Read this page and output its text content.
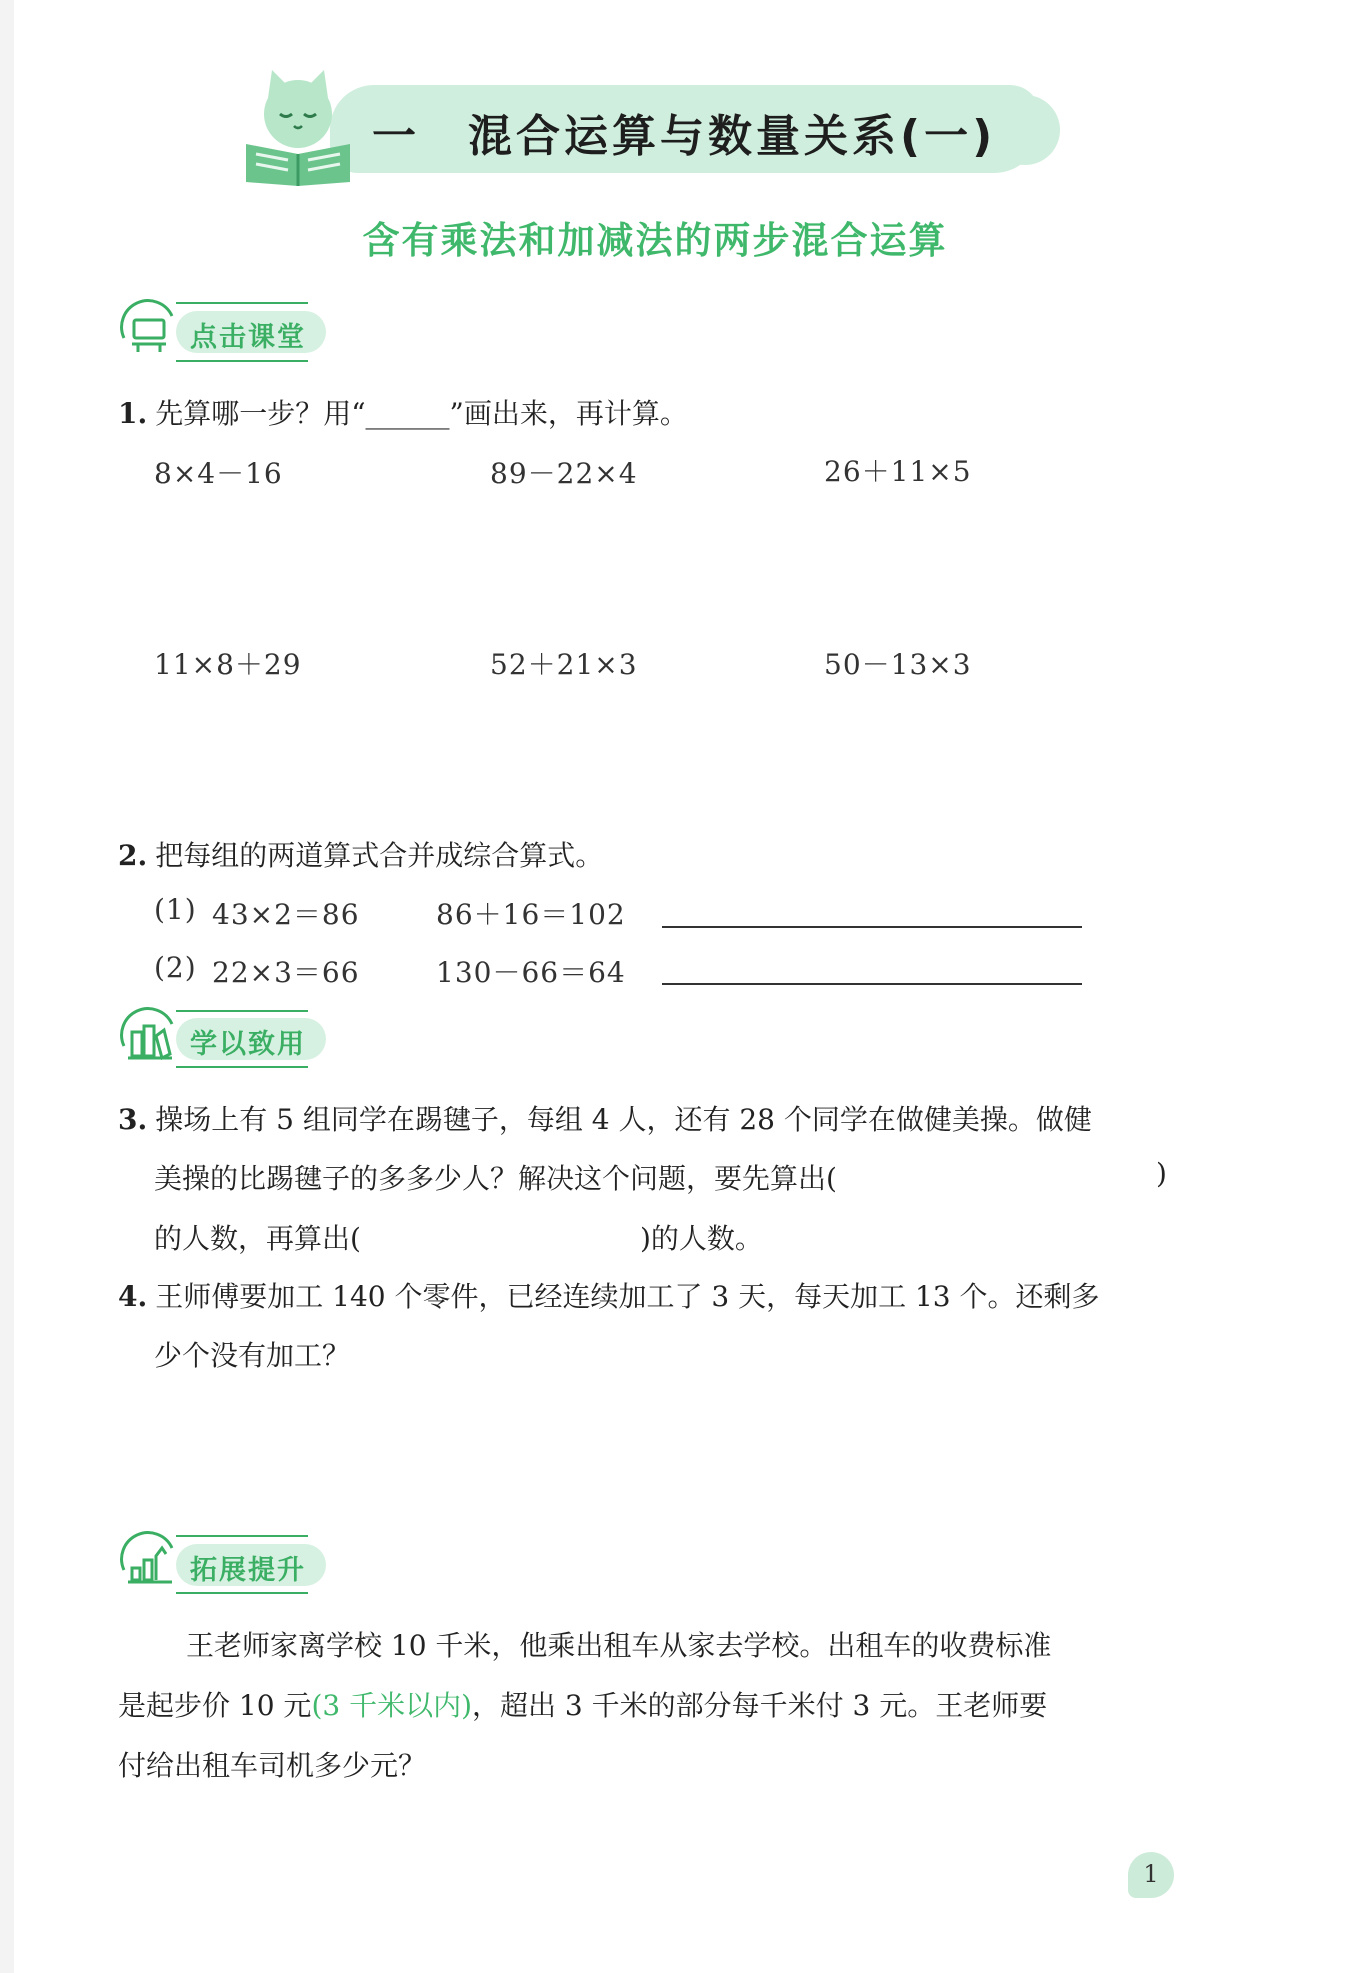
一　混合运算与数量关系(一)
含有乘法和加减法的两步混合运算
点击课堂
1. 先算哪一步？用“______”画出来，再计算。
8×4－16	89－22×4	26＋11×5
11×8＋29	52＋21×3	50－13×3
2. 把每组的两道算式合并成综合算式。
(1) 43×2＝86	86＋16＝102
(2) 22×3＝66	130－66＝64
学以致用
3. 操场上有 5 组同学在踢毽子，每组 4 人，还有 28 个同学在做健美操。做健
美操的比踢毽子的多多少人？解决这个问题，要先算出(	)
的人数，再算出(	)的人数。
4. 王师傅要加工 140 个零件，已经连续加工了 3 天，每天加工 13 个。还剩多
少个没有加工？
拓展提升
王老师家离学校 10 千米，他乘出租车从家去学校。出租车的收费标准
是起步价 10 元(3 千米以内)，超出 3 千米的部分每千米付 3 元。王老师要
付给出租车司机多少元？
1
